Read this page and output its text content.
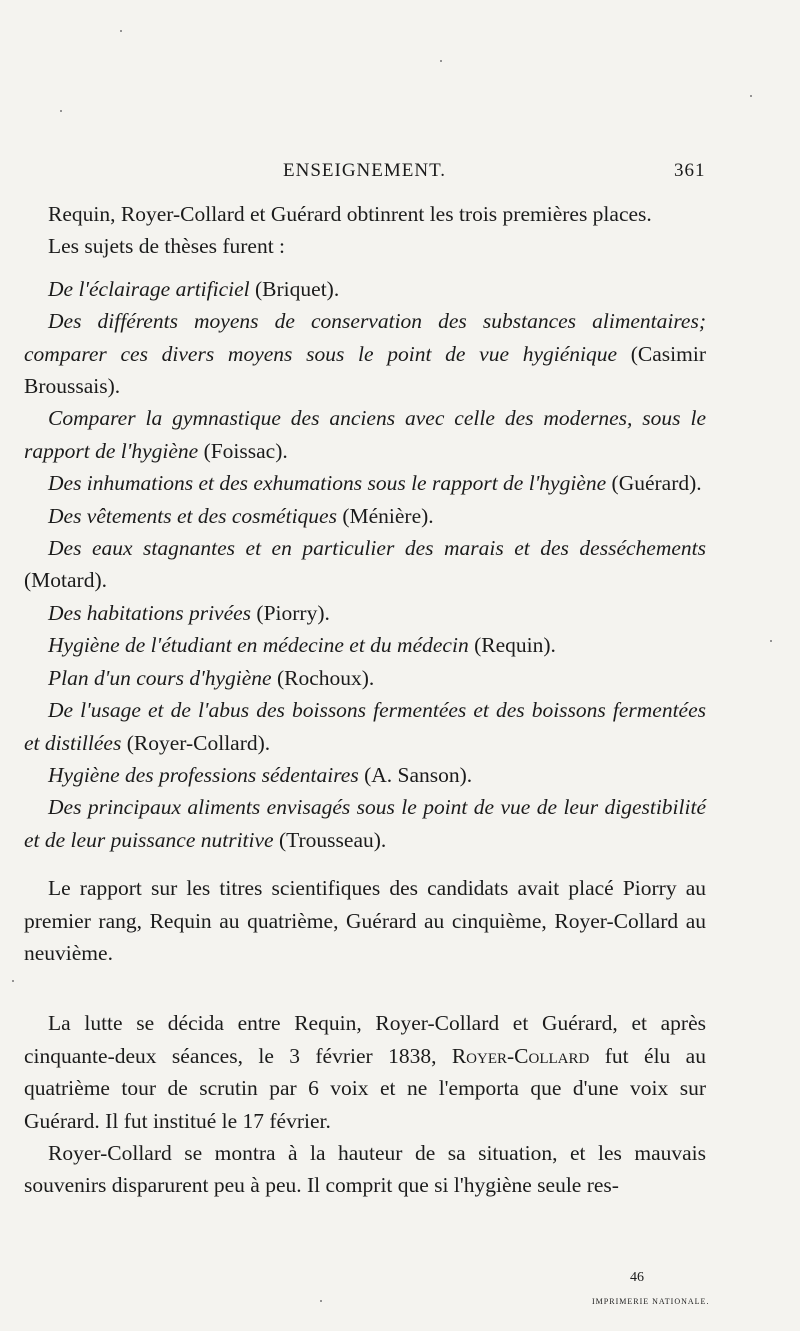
ENSEIGNEMENT.	361

Requin, Royer-Collard et Guérard obtinrent les trois premières places.

Les sujets de thèses furent :

De l'éclairage artificiel (Briquet).

Des différents moyens de conservation des substances alimentaires; comparer ces divers moyens sous le point de vue hygiénique (Casimir Broussais).

Comparer la gymnastique des anciens avec celle des modernes, sous le rapport de l'hygiène (Foissac).

Des inhumations et des exhumations sous le rapport de l'hygiène (Guérard).

Des vêtements et des cosmétiques (Ménière).

Des eaux stagnantes et en particulier des marais et des desséchements (Motard).

Des habitations privées (Piorry).

Hygiène de l'étudiant en médecine et du médecin (Requin).

Plan d'un cours d'hygiène (Rochoux).

De l'usage et de l'abus des boissons fermentées et des boissons fermentées et distillées (Royer-Collard).

Hygiène des professions sédentaires (A. Sanson).

Des principaux aliments envisagés sous le point de vue de leur digestibilité et de leur puissance nutritive (Trousseau).

Le rapport sur les titres scientifiques des candidats avait placé Piorry au premier rang, Requin au quatrième, Guérard au cinquième, Royer-Collard au neuvième.

La lutte se décida entre Requin, Royer-Collard et Guérard, et après cinquante-deux séances, le 3 février 1838, Royer-Collard fut élu au quatrième tour de scrutin par 6 voix et ne l'emporta que d'une voix sur Guérard. Il fut institué le 17 février.

Royer-Collard se montra à la hauteur de sa situation, et les mauvais souvenirs disparurent peu à peu. Il comprit que si l'hygiène seule res-

46
IMPRIMERIE NATIONALE.
